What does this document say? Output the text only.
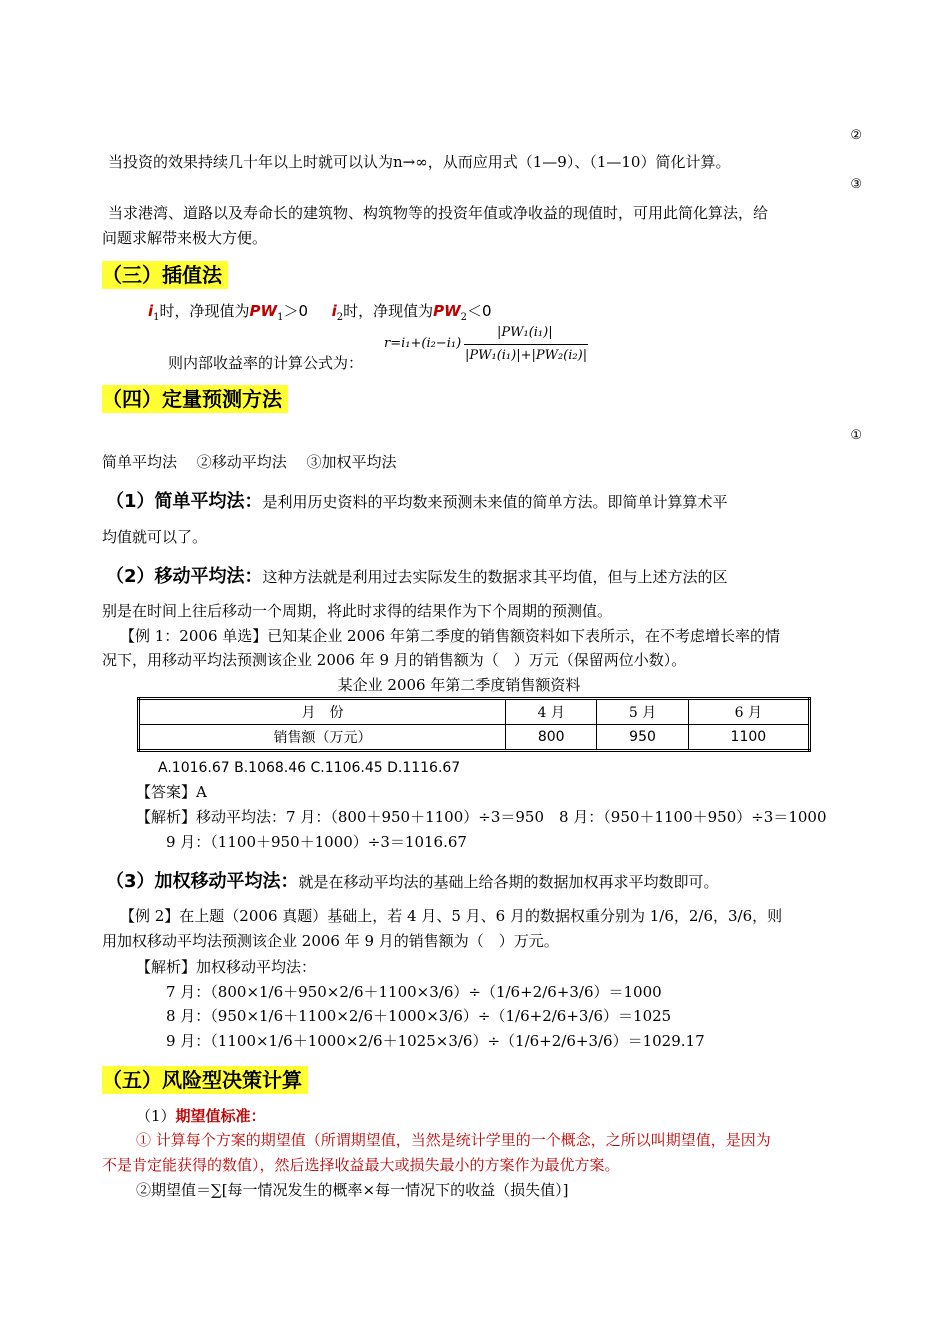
②
当投资的效果持续几十年以上时就可以认为n→∞，从而应用式（1—9）、（1—10）简化计算。
③
当求港湾、道路以及寿命长的建筑物、构筑物等的投资年值或净收益的现值时，可用此简化算法，给
问题求解带来极大方便。
（三）插值法
$i_1$时，净现值为$PW_1>0$ $i_2$时，净现值为$PW_2<0$
则内部收益率的计算公式为：
r=i₁+(i₂−i₁)
|PW₁(i₁)|
|PW₁(i₁)|+|PW₂(i₂)|
（四）定量预测方法
①
简单平均法　 ②移动平均法　 ③加权平均法
（1）简单平均法：是利用历史资料的平均数来预测未来值的简单方法。即简单计算算术平
均值就可以了。
（2）移动平均法：这种方法就是利用过去实际发生的数据求其平均值，但与上述方法的区
别是在时间上往后移动一个周期，将此时求得的结果作为下个周期的预测值。
【例 1：2006 单选】已知某企业 2006 年第二季度的销售额资料如下表所示，在不考虑增长率的情
况下，用移动平均法预测该企业 2006 年 9 月的销售额为（　）万元（保留两位小数）。
某企业 2006 年第二季度销售额资料
月　份	4 月	5 月	6 月
销售额（万元）	800	950	1100
A.1016.67 B.1068.46 C.1106.45 D.1116.67
【答案】A
【解析】移动平均法：7 月：（800＋950＋1100）÷3＝950　8 月：（950＋1100＋950）÷3＝1000
9 月：（1100＋950＋1000）÷3＝1016.67
（3）加权移动平均法：就是在移动平均法的基础上给各期的数据加权再求平均数即可。
【例 2】在上题（2006 真题）基础上，若 4 月、5 月、6 月的数据权重分别为 1/6，2/6，3/6，则
用加权移动平均法预测该企业 2006 年 9 月的销售额为（　）万元。
【解析】加权移动平均法：
7 月：（800×1/6＋950×2/6＋1100×3/6）÷（1/6+2/6+3/6）＝1000
8 月：（950×1/6＋1100×2/6＋1000×3/6）÷（1/6+2/6+3/6）＝1025
9 月：（1100×1/6＋1000×2/6＋1025×3/6）÷（1/6+2/6+3/6）＝1029.17
（五）风险型决策计算
（1）期望值标准：
① 计算每个方案的期望值（所谓期望值，当然是统计学里的一个概念，之所以叫期望值，是因为
不是肯定能获得的数值），然后选择收益最大或损失最小的方案作为最优方案。
②期望值＝∑[每一情况发生的概率×每一情况下的收益（损失值）]
